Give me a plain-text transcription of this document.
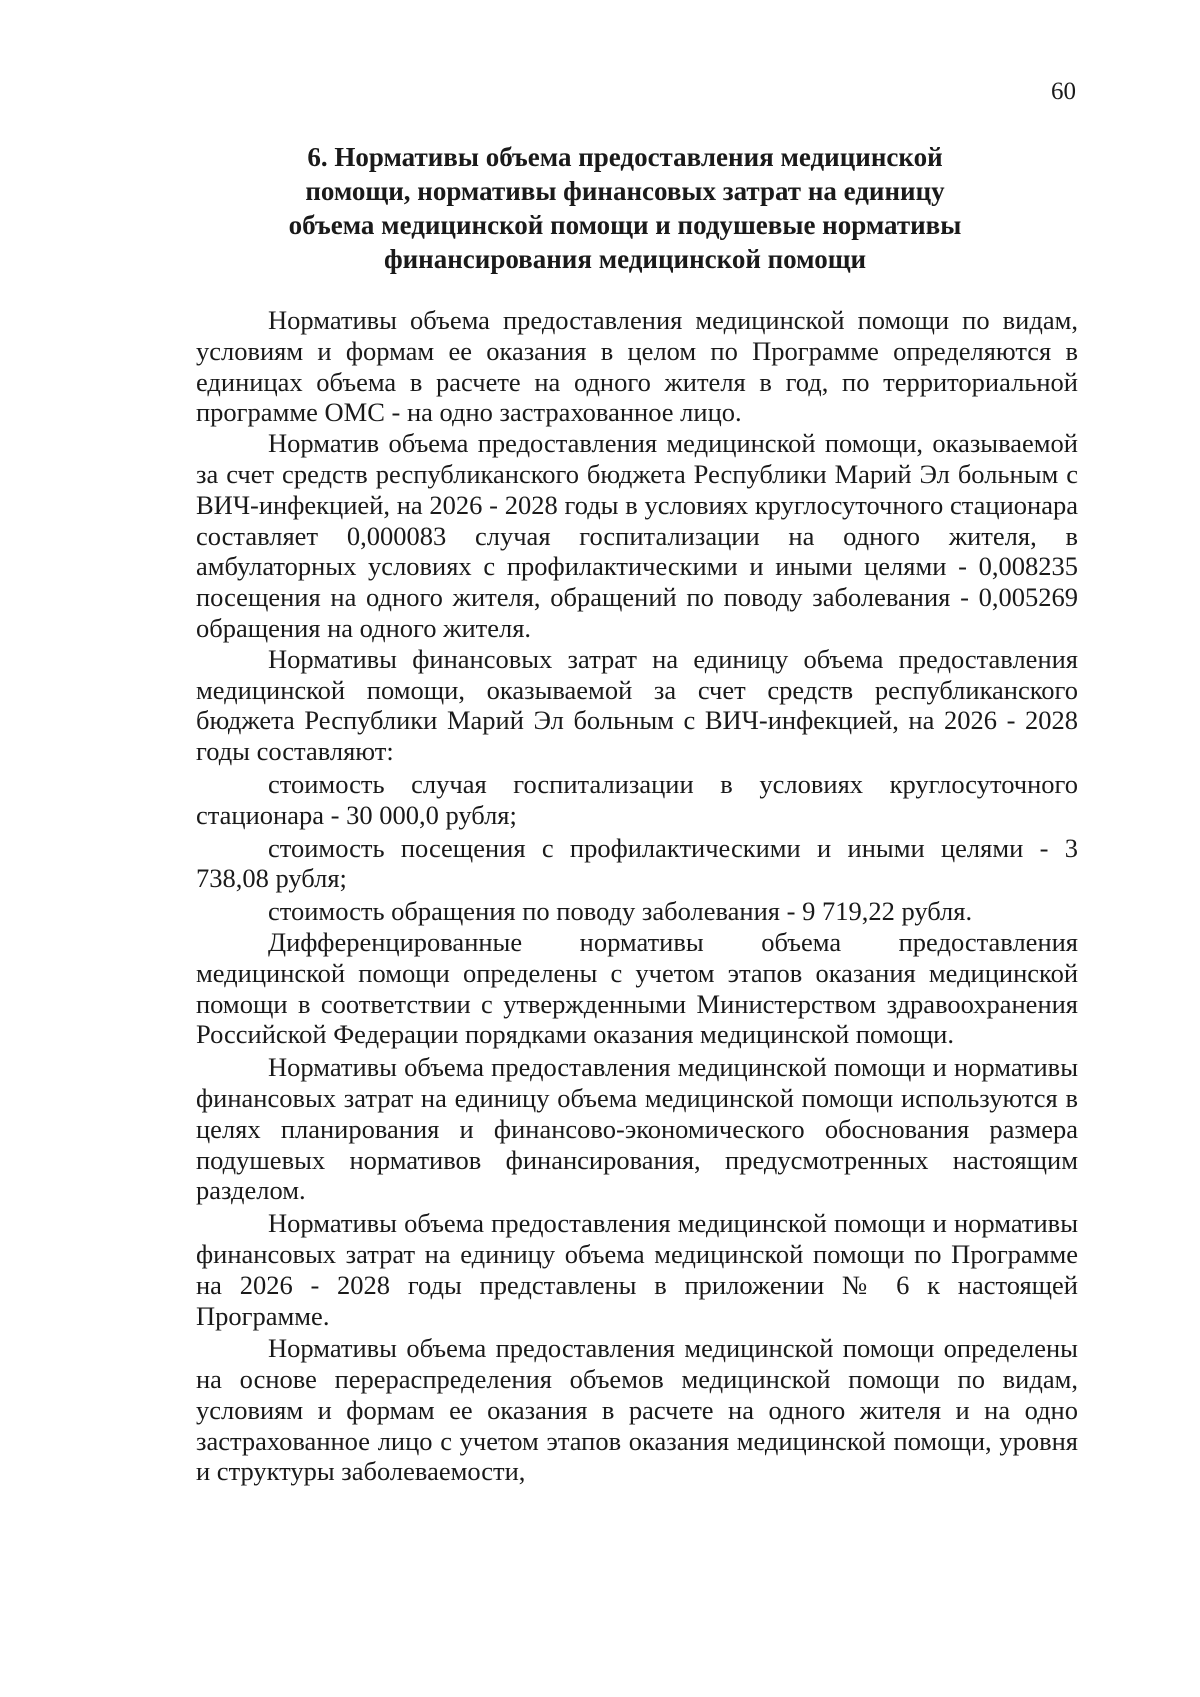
60
6. Нормативы объема предоставления медицинской
помощи, нормативы финансовых затрат на единицу
объема медицинской помощи и подушевые нормативы
финансирования медицинской помощи

Нормативы объема предоставления медицинской помощи по видам, условиям и формам ее оказания в целом по Программе определяются в единицах объема в расчете на одного жителя в год, по территориальной программе ОМС - на одно застрахованное лицо.

Норматив объема предоставления медицинской помощи, оказываемой за счет средств республиканского бюджета Республики Марий Эл больным с ВИЧ-инфекцией, на 2026 - 2028 годы в условиях круглосуточного стационара составляет 0,000083 случая госпитализации на одного жителя, в амбулаторных условиях с профилактическими и иными целями - 0,008235 посещения на одного жителя, обращений по поводу заболевания - 0,005269 обращения на одного жителя.

Нормативы финансовых затрат на единицу объема предоставления медицинской помощи, оказываемой за счет средств республиканского бюджета Республики Марий Эл больным с ВИЧ-инфекцией, на 2026 - 2028 годы составляют:

стоимость случая госпитализации в условиях круглосуточного стационара - 30 000,0 рубля;

стоимость посещения с профилактическими и иными целями - 3 738,08 рубля;

стоимость обращения по поводу заболевания - 9 719,22 рубля.

Дифференцированные нормативы объема предоставления медицинской помощи определены с учетом этапов оказания медицинской помощи в соответствии с утвержденными Министерством здравоохранения Российской Федерации порядками оказания медицинской помощи.

Нормативы объема предоставления медицинской помощи и нормативы финансовых затрат на единицу объема медицинской помощи используются в целях планирования и финансово-экономического обоснования размера подушевых нормативов финансирования, предусмотренных настоящим разделом.

Нормативы объема предоставления медицинской помощи и нормативы финансовых затрат на единицу объема медицинской помощи по Программе на 2026 - 2028 годы представлены в приложении № 6 к настоящей Программе.

Нормативы объема предоставления медицинской помощи определены на основе перераспределения объемов медицинской помощи по видам, условиям и формам ее оказания в расчете на одного жителя и на одно застрахованное лицо с учетом этапов оказания медицинской помощи, уровня и структуры заболеваемости,
